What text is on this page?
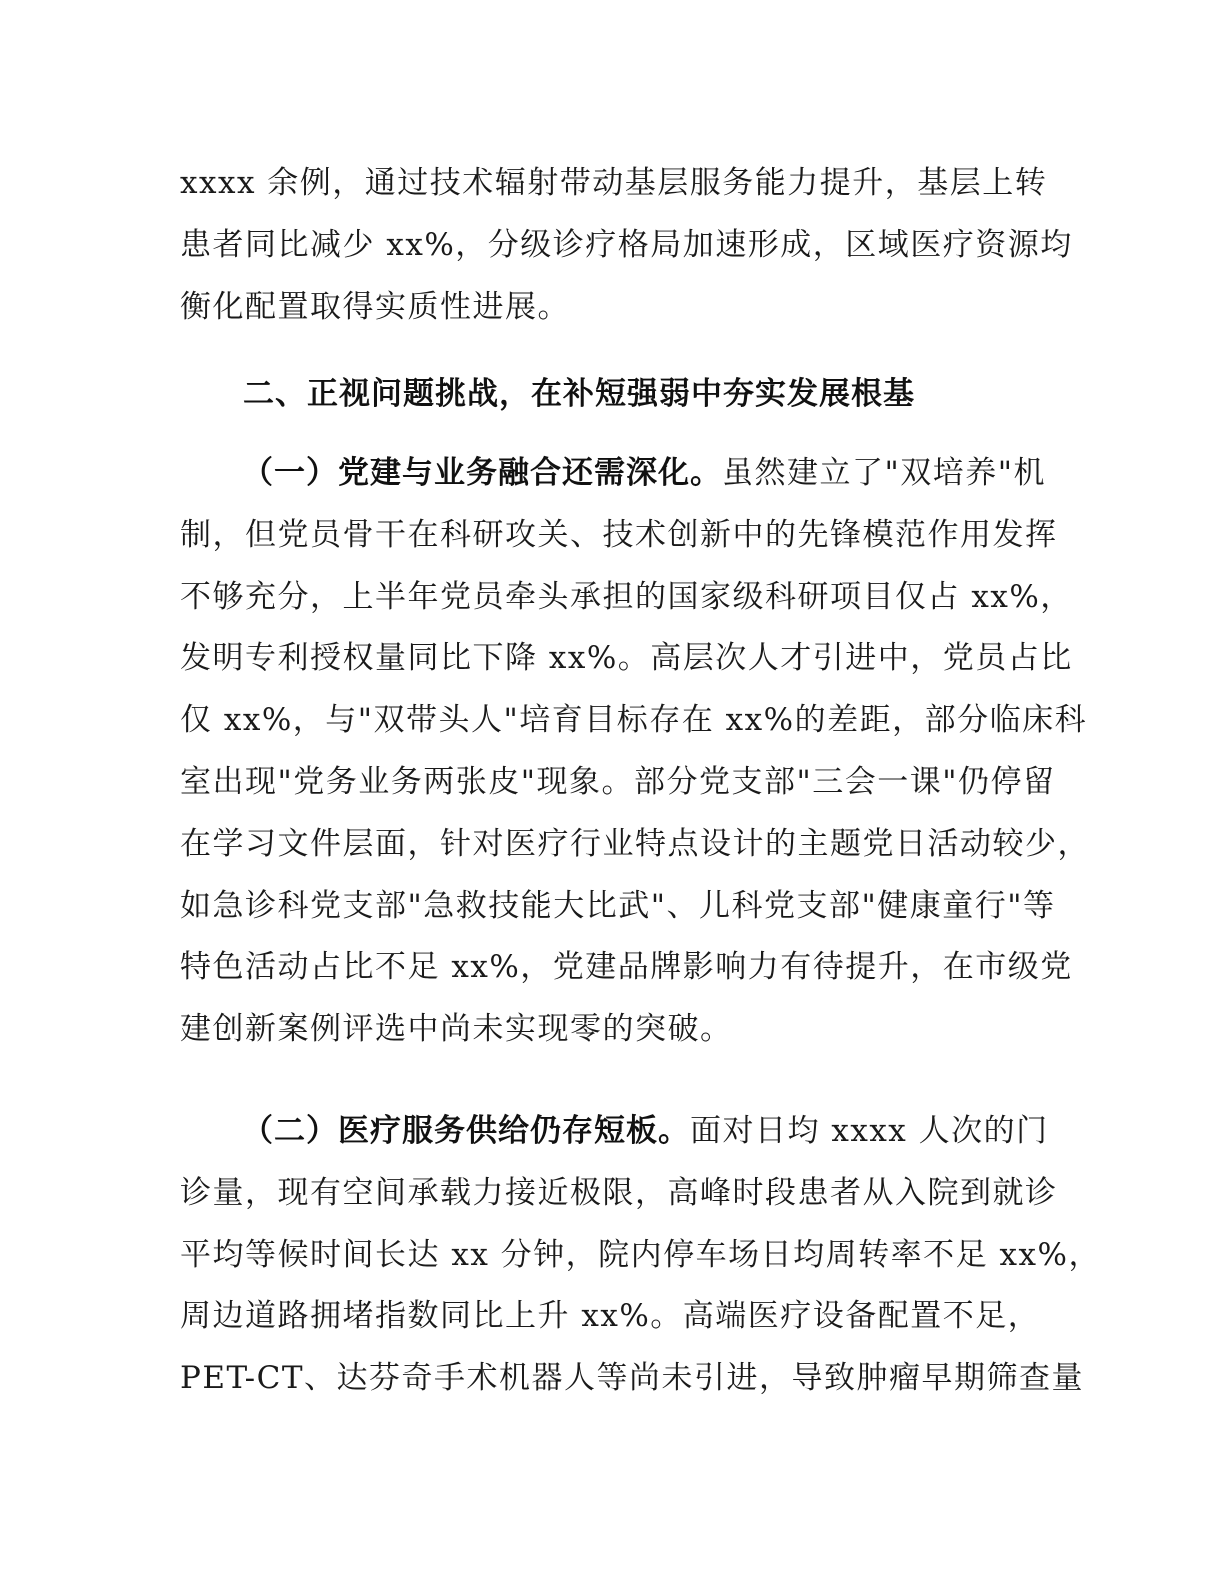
xxxx 余例，通过技术辐射带动基层服务能力提升，基层上转
患者同比减少 xx%，分级诊疗格局加速形成，区域医疗资源均
衡化配置取得实质性进展。
二、正视问题挑战，在补短强弱中夯实发展根基
（一）党建与业务融合还需深化。虽然建立了"双培养"机
制，但党员骨干在科研攻关、技术创新中的先锋模范作用发挥
不够充分，上半年党员牵头承担的国家级科研项目仅占 xx%，
发明专利授权量同比下降 xx%。高层次人才引进中，党员占比
仅 xx%，与"双带头人"培育目标存在 xx%的差距，部分临床科
室出现"党务业务两张皮"现象。部分党支部"三会一课"仍停留
在学习文件层面，针对医疗行业特点设计的主题党日活动较少，
如急诊科党支部"急救技能大比武"、儿科党支部"健康童行"等
特色活动占比不足 xx%，党建品牌影响力有待提升，在市级党
建创新案例评选中尚未实现零的突破。
（二）医疗服务供给仍存短板。面对日均 xxxx 人次的门
诊量，现有空间承载力接近极限，高峰时段患者从入院到就诊
平均等候时间长达 xx 分钟，院内停车场日均周转率不足 xx%，
周边道路拥堵指数同比上升 xx%。高端医疗设备配置不足，
PET-CT、达芬奇手术机器人等尚未引进，导致肿瘤早期筛查量
